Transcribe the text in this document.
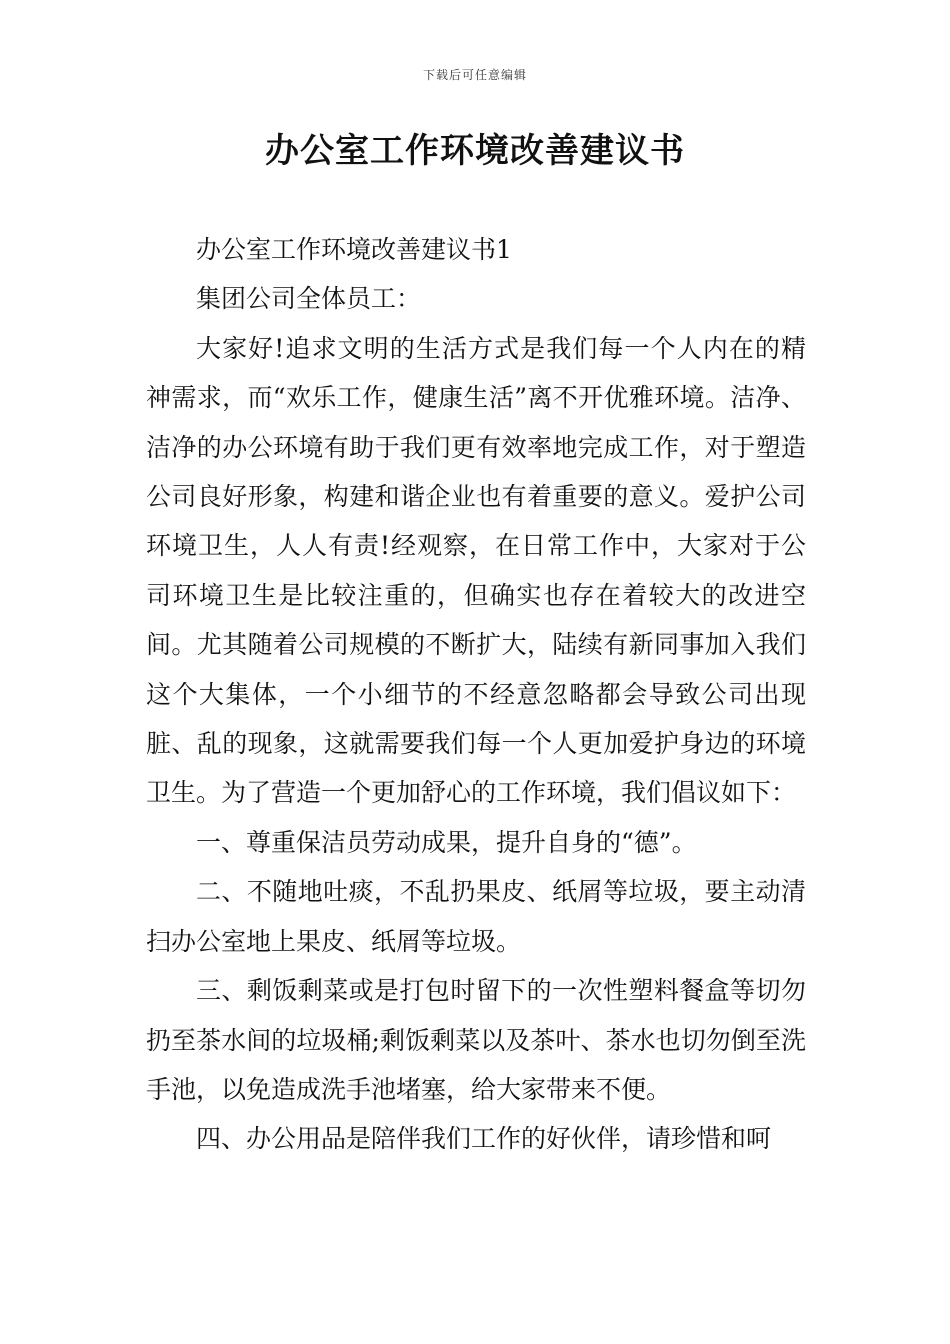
下载后可任意编辑
办公室工作环境改善建议书

办公室工作环境改善建议书1

集团公司全体员工：

大家好!追求文明的生活方式是我们每一个人内在的精神需求，而“欢乐工作，健康生活”离不开优雅环境。洁净、洁净的办公环境有助于我们更有效率地完成工作，对于塑造公司良好形象，构建和谐企业也有着重要的意义。爱护公司环境卫生，人人有责!经观察，在日常工作中，大家对于公司环境卫生是比较注重的，但确实也存在着较大的改进空间。尤其随着公司规模的不断扩大，陆续有新同事加入我们这个大集体，一个小细节的不经意忽略都会导致公司出现脏、乱的现象，这就需要我们每一个人更加爱护身边的环境卫生。为了营造一个更加舒心的工作环境，我们倡议如下：

一、尊重保洁员劳动成果，提升自身的“德”。

二、不随地吐痰，不乱扔果皮、纸屑等垃圾，要主动清扫办公室地上果皮、纸屑等垃圾。

三、剩饭剩菜或是打包时留下的一次性塑料餐盒等切勿扔至茶水间的垃圾桶;剩饭剩菜以及茶叶、茶水也切勿倒至洗手池，以免造成洗手池堵塞，给大家带来不便。

四、办公用品是陪伴我们工作的好伙伴，请珍惜和呵
